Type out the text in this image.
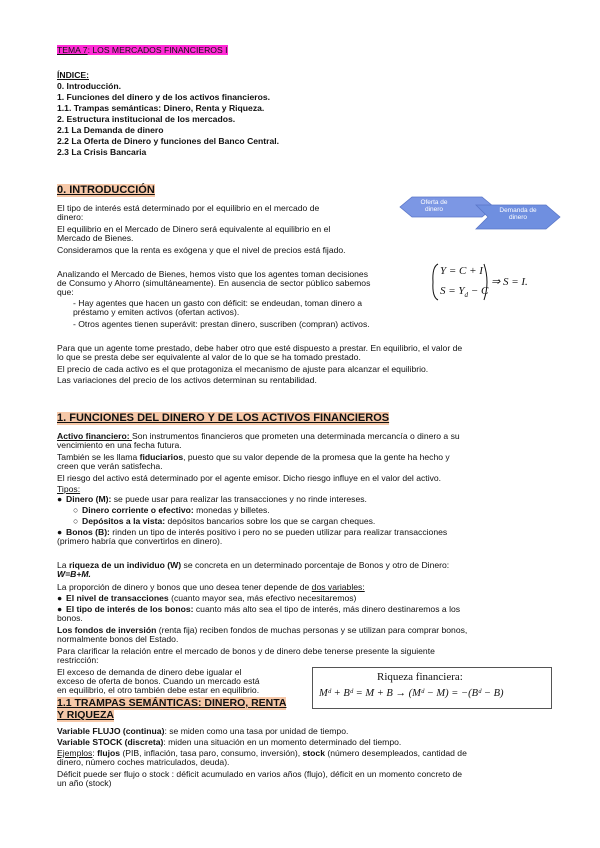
TEMA 7: LOS MERCADOS FINANCIEROS I
ÍNDICE:
0. Introducción.
1. Funciones del dinero y de los activos financieros.
1.1. Trampas semánticas: Dinero, Renta y Riqueza.
2. Estructura institucional de los mercados.
2.1 La Demanda de dinero
2.2 La Oferta de Dinero y funciones del Banco Central.
2.3 La Crisis Bancaria
0. INTRODUCCIÓN
El tipo de interés está determinado por el equilibrio en el mercado de
dinero:
El equilibrio en el Mercado de Dinero será equivalente al equilibrio en el
Mercado de Bienes.
Consideramos que la renta es exógena y que el nivel de precios está fijado.
Oferta de dinero	Demanda de dinero
Analizando el Mercado de Bienes, hemos visto que los agentes toman decisiones
de Consumo y Ahorro (simultáneamente). En ausencia de sector público sabemos
que:
Y = C + I
$S = Y_d - C$
⇒ S = I.
- Hay agentes que hacen un gasto con déficit: se endeudan, toman dinero a
préstamo y emiten activos (ofertan activos).
- Otros agentes tienen superávit: prestan dinero, suscriben (compran) activos.
Para que un agente tome prestado, debe haber otro que esté dispuesto a prestar. En equilibrio, el valor de
lo que se presta debe ser equivalente al valor de lo que se ha tomado prestado.
El precio de cada activo es el que protagoniza el mecanismo de ajuste para alcanzar el equilibrio.
Las variaciones del precio de los activos determinan su rentabilidad.
1. FUNCIONES DEL DINERO Y DE LOS ACTIVOS FINANCIEROS
Activo financiero: Son instrumentos financieros que prometen una determinada mercancía o dinero a su
vencimiento en una fecha futura.
También se les llama fiduciarios, puesto que su valor depende de la promesa que la gente ha hecho y
creen que verán satisfecha.
El riesgo del activo está determinado por el agente emisor. Dicho riesgo influye en el valor del activo.
Tipos:
● Dinero (M): se puede usar para realizar las transacciones y no rinde intereses.
○ Dinero corriente o efectivo: monedas y billetes.
○ Depósitos a la vista: depósitos bancarios sobre los que se cargan cheques.
● Bonos (B): rinden un tipo de interés positivo i pero no se pueden utilizar para realizar transacciones
(primero habría que convertirlos en dinero).
La riqueza de un individuo (W) se concreta en un determinado porcentaje de Bonos y otro de Dinero:
W=B+M.
La proporción de dinero y bonos que uno desea tener depende de dos variables:
● El nivel de transacciones (cuanto mayor sea, más efectivo necesitaremos)
● El tipo de interés de los bonos: cuanto más alto sea el tipo de interés, más dinero destinaremos a los
bonos.
Los fondos de inversión (renta fija) reciben fondos de muchas personas y se utilizan para comprar bonos,
normalmente bonos del Estado.
Para clarificar la relación entre el mercado de bonos y de dinero debe tenerse presente la siguiente
restricción:
El exceso de demanda de dinero debe igualar el
exceso de oferta de bonos. Cuando un mercado está
en equilibrio, el otro también debe estar en equilibrio.
Riqueza financiera:
Mᵈ + Bᵈ = M + B → (Mᵈ − M) = −(Bᵈ − B)
1.1 TRAMPAS SEMÁNTICAS: DINERO, RENTA
Y RIQUEZA
Variable FLUJO (continua): se miden como una tasa por unidad de tiempo.
Variable STOCK (discreta): miden una situación en un momento determinado del tiempo.
Ejemplos: flujos (PIB, inflación, tasa paro, consumo, inversión), stock (número desempleados, cantidad de
dinero, número coches matriculados, deuda).
Déficit puede ser flujo o stock : déficit acumulado en varios años (flujo), déficit en un momento concreto de
un año (stock)
